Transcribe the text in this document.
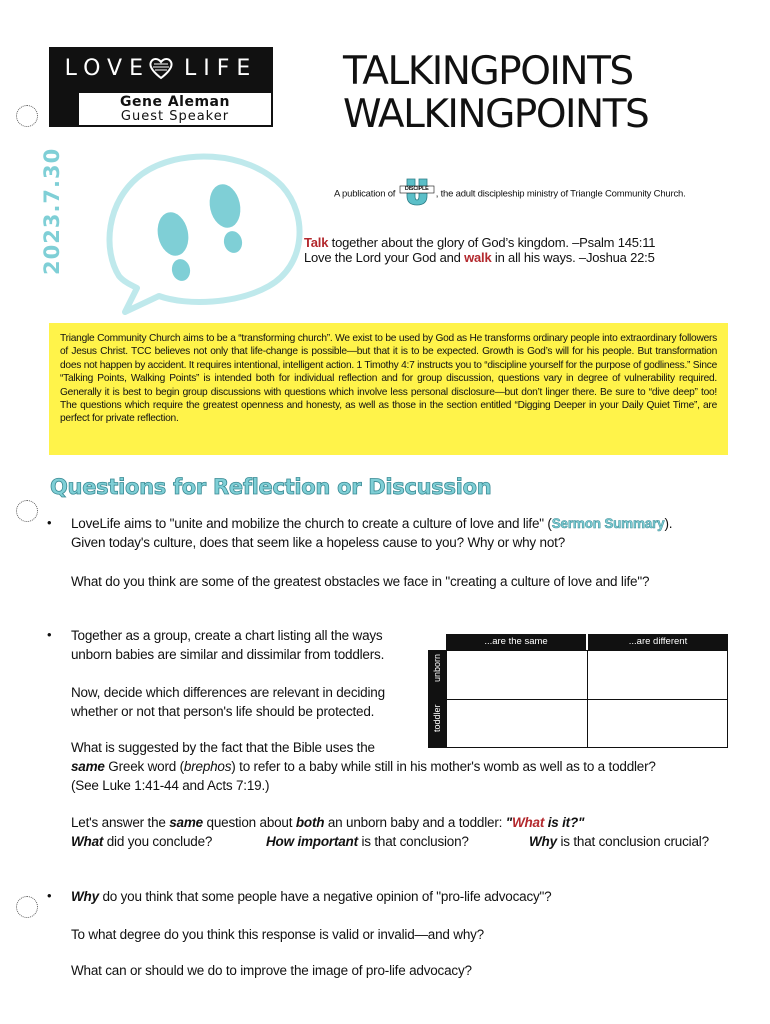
LOVE LIFE
Gene Aleman
Guest Speaker
TALKINGPOINTS
WALKINGPOINTS
2023.7.30	A publication of	DISCIPLE , the adult discipleship ministry of Triangle Community Church.
Talk together about the glory of God’s kingdom. –Psalm 145:11
Love the Lord your God and walk in all his ways. –Joshua 22:5
Triangle Community Church aims to be a “transforming church”. We exist to be used by God as He transforms ordinary people into extraordinary followers of Jesus Christ. TCC believes not only that life-change is possible—but that it is to be expected. Growth is God’s will for his people. But transformation does not happen by accident. It requires intentional, intelligent action. 1 Timothy 4:7 instructs you to “discipline yourself for the purpose of godliness.” Since “Talking Points, Walking Points” is intended both for individual reflection and for group discussion, questions vary in degree of vulnerability required. Generally it is best to begin group discussions with questions which involve less personal disclosure—but don’t linger there. Be sure to “dive deep” too! The questions which require the greatest openness and honesty, as well as those in the section entitled “Digging Deeper in your Daily Quiet Time”, are perfect for private reflection.
Questions for Reflection or Discussion
• LoveLife aims to "unite and mobilize the church to create a culture of love and life" (Sermon Summary).
Given today's culture, does that seem like a hopeless cause to you? Why or why not?
What do you think are some of the greatest obstacles we face in "creating a culture of love and life"?
• Together as a group, create a chart listing all the ways
unborn babies are similar and dissimilar from toddlers.
Now, decide which differences are relevant in deciding
whether or not that person's life should be protected.
What is suggested by the fact that the Bible uses the
same Greek word (brephos) to refer to a baby while still in his mother's womb as well as to a toddler?
(See Luke 1:41-44 and Acts 7:19.)
Let's answer the same question about both an unborn baby and a toddler: "What is it?"
What did you conclude?	How important is that conclusion?	Why is that conclusion crucial?
...are the same	...are different
unborn
toddler
• Why do you think that some people have a negative opinion of "pro-life advocacy"?
To what degree do you think this response is valid or invalid—and why?
What can or should we do to improve the image of pro-life advocacy?
